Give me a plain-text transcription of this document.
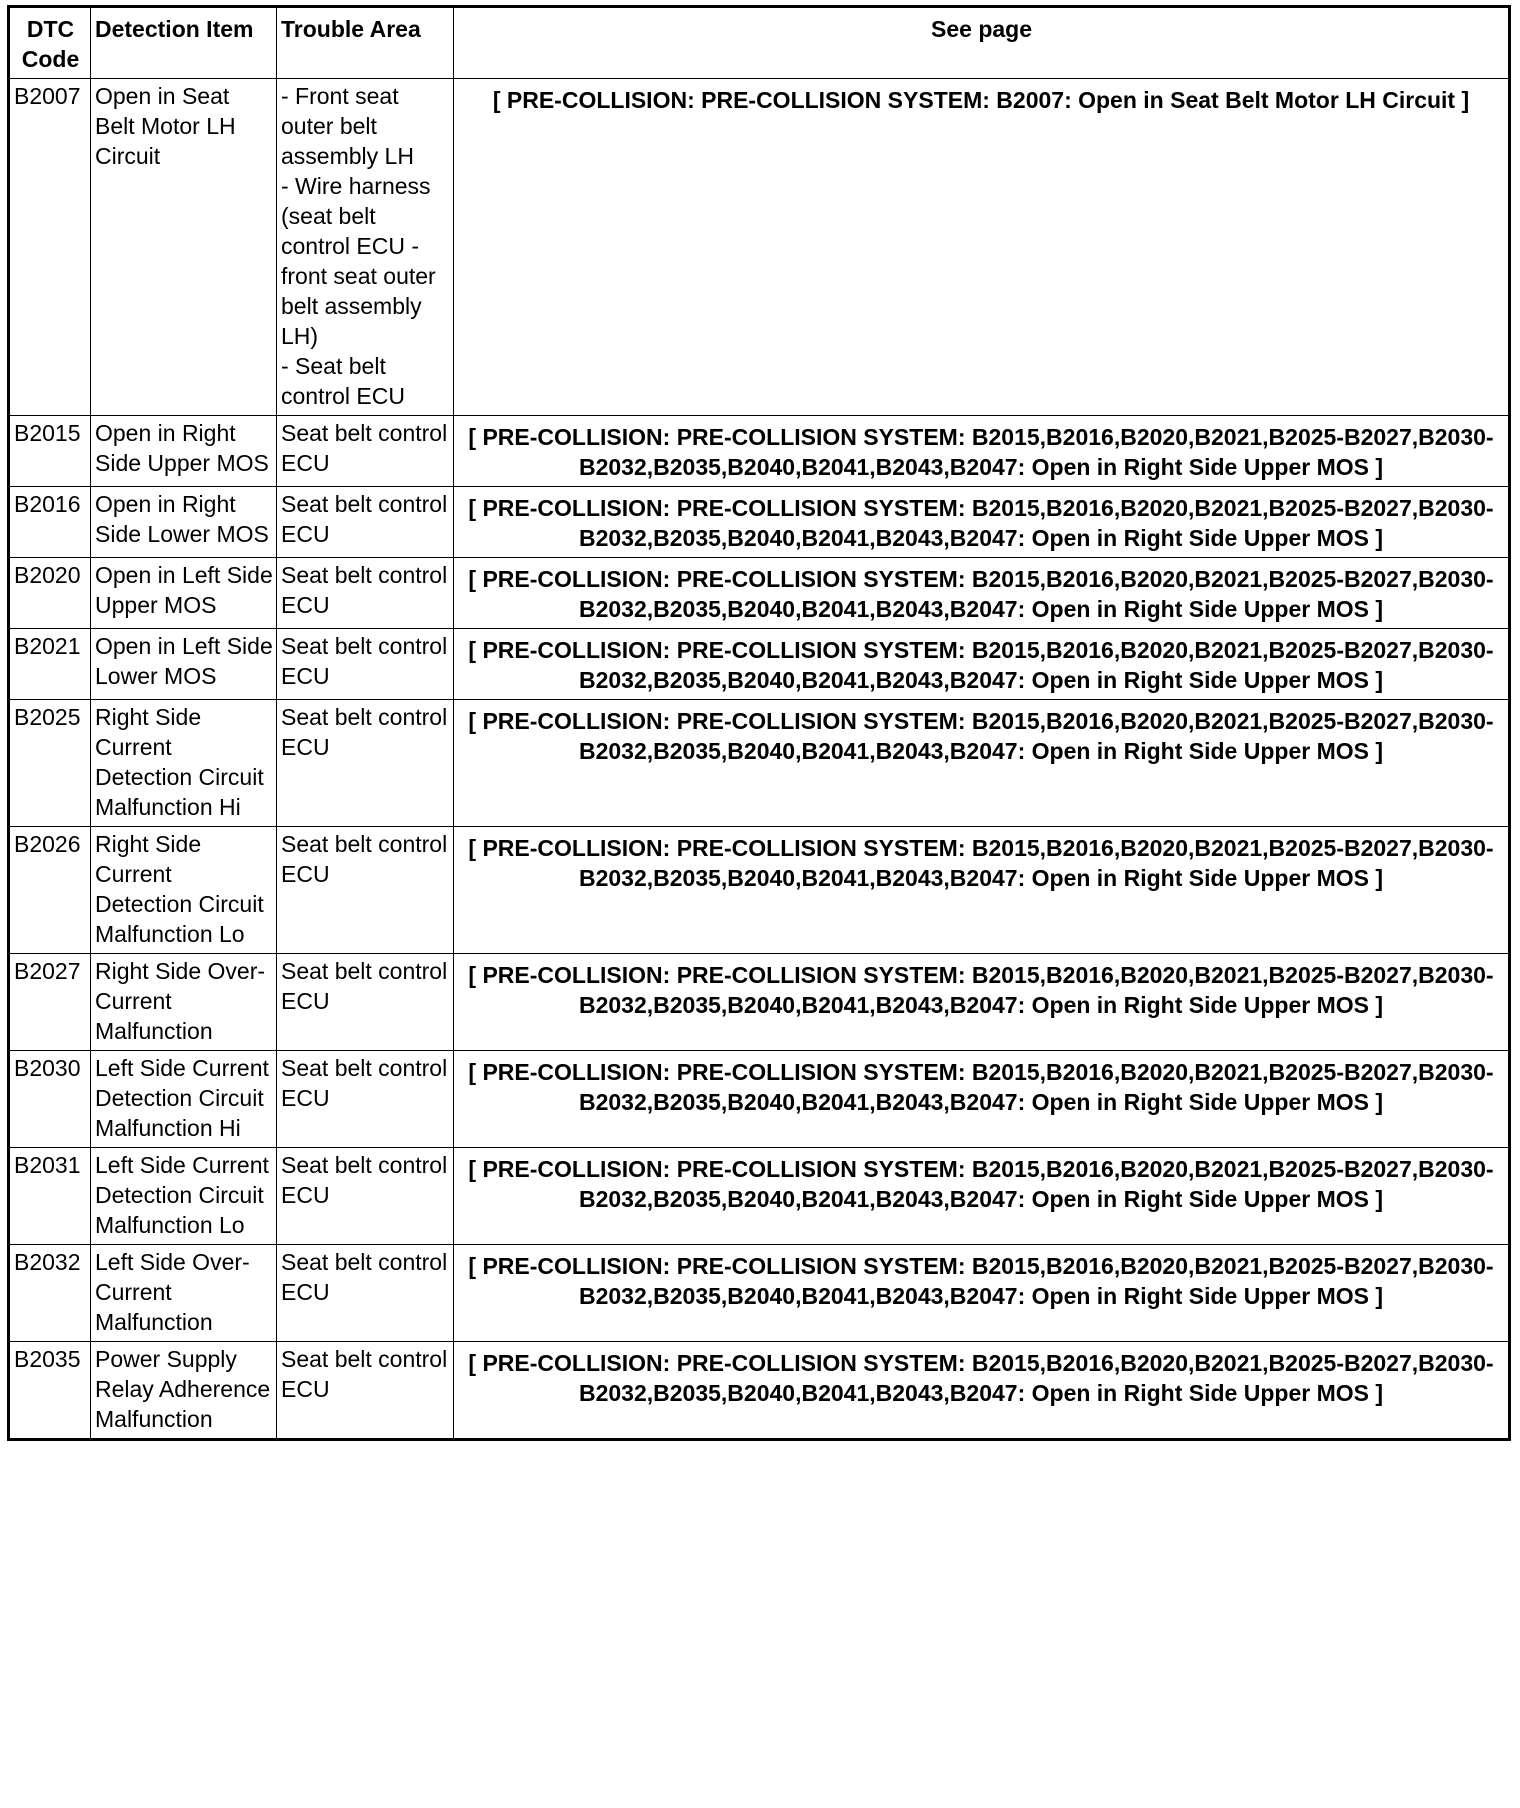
DTC Code	Detection Item	Trouble Area	See page
B2007	Open in Seat Belt Motor LH Circuit	- Front seat outer belt assembly LH
- Wire harness (seat belt control ECU - front seat outer belt assembly LH)
- Seat belt control ECU	[ PRE-COLLISION: PRE-COLLISION SYSTEM: B2007: Open in Seat Belt Motor LH Circuit ]
B2015	Open in Right Side Upper MOS	Seat belt control ECU	[ PRE-COLLISION: PRE-COLLISION SYSTEM: B2015,B2016,B2020,B2021,B2025-B2027,B2030-B2032,B2035,B2040,B2041,B2043,B2047: Open in Right Side Upper MOS ]
B2016	Open in Right Side Lower MOS	Seat belt control ECU	[ PRE-COLLISION: PRE-COLLISION SYSTEM: B2015,B2016,B2020,B2021,B2025-B2027,B2030-B2032,B2035,B2040,B2041,B2043,B2047: Open in Right Side Upper MOS ]
B2020	Open in Left Side Upper MOS	Seat belt control ECU	[ PRE-COLLISION: PRE-COLLISION SYSTEM: B2015,B2016,B2020,B2021,B2025-B2027,B2030-B2032,B2035,B2040,B2041,B2043,B2047: Open in Right Side Upper MOS ]
B2021	Open in Left Side Lower MOS	Seat belt control ECU	[ PRE-COLLISION: PRE-COLLISION SYSTEM: B2015,B2016,B2020,B2021,B2025-B2027,B2030-B2032,B2035,B2040,B2041,B2043,B2047: Open in Right Side Upper MOS ]
B2025	Right Side Current Detection Circuit Malfunction Hi	Seat belt control ECU	[ PRE-COLLISION: PRE-COLLISION SYSTEM: B2015,B2016,B2020,B2021,B2025-B2027,B2030-B2032,B2035,B2040,B2041,B2043,B2047: Open in Right Side Upper MOS ]
B2026	Right Side Current Detection Circuit Malfunction Lo	Seat belt control ECU	[ PRE-COLLISION: PRE-COLLISION SYSTEM: B2015,B2016,B2020,B2021,B2025-B2027,B2030-B2032,B2035,B2040,B2041,B2043,B2047: Open in Right Side Upper MOS ]
B2027	Right Side Over-Current Malfunction	Seat belt control ECU	[ PRE-COLLISION: PRE-COLLISION SYSTEM: B2015,B2016,B2020,B2021,B2025-B2027,B2030-B2032,B2035,B2040,B2041,B2043,B2047: Open in Right Side Upper MOS ]
B2030	Left Side Current Detection Circuit Malfunction Hi	Seat belt control ECU	[ PRE-COLLISION: PRE-COLLISION SYSTEM: B2015,B2016,B2020,B2021,B2025-B2027,B2030-B2032,B2035,B2040,B2041,B2043,B2047: Open in Right Side Upper MOS ]
B2031	Left Side Current Detection Circuit Malfunction Lo	Seat belt control ECU	[ PRE-COLLISION: PRE-COLLISION SYSTEM: B2015,B2016,B2020,B2021,B2025-B2027,B2030-B2032,B2035,B2040,B2041,B2043,B2047: Open in Right Side Upper MOS ]
B2032	Left Side Over-Current Malfunction	Seat belt control ECU	[ PRE-COLLISION: PRE-COLLISION SYSTEM: B2015,B2016,B2020,B2021,B2025-B2027,B2030-B2032,B2035,B2040,B2041,B2043,B2047: Open in Right Side Upper MOS ]
B2035	Power Supply Relay Adherence Malfunction	Seat belt control ECU	[ PRE-COLLISION: PRE-COLLISION SYSTEM: B2015,B2016,B2020,B2021,B2025-B2027,B2030-B2032,B2035,B2040,B2041,B2043,B2047: Open in Right Side Upper MOS ]
